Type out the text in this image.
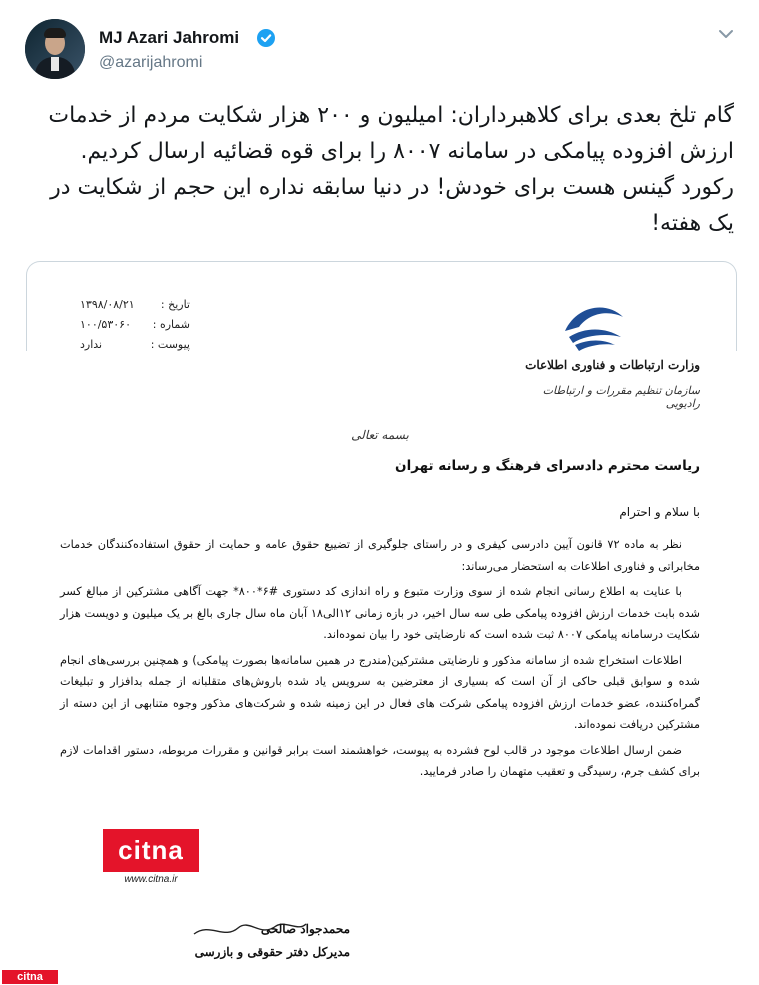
MJ Azari Jahromi
@azarijahromi
گام تلخ بعدی برای کلاهبرداران: امیلیون و ۲۰۰ هزار شکایت مردم از خدمات ارزش افزوده پیامکی در سامانه ۸۰۰۷ را برای قوه قضائیه ارسال کردیم. رکورد گینس هست برای خودش! در دنیا سابقه نداره این حجم از شکایت در یک هفته!
تاریخ :
۱۳۹۸/۰۸/۲۱
شماره :
۱۰۰/۵۳۰۶۰
پیوست :
ندارد
وزارت ارتباطات و فناوری اطلاعات
سازمان تنظیم مقررات و ارتباطات رادیویی
بسمه تعالی
ریاست محترم دادسرای فرهنگ و رسانه تهران
با سلام و احترام

نظر به ماده ۷۲ قانون آیین دادرسی کیفری و در راستای جلوگیری از تضییع حقوق عامه و حمایت از حقوق استفاده‌کنندگان خدمات مخابراتی و فناوری اطلاعات به استحضار می‌رساند:

با عنایت به اطلاع رسانی انجام شده از سوی وزارت متبوع و راه اندازی کد دستوری #۶*۸۰۰* جهت آگاهی مشترکین از مبالغ کسر شده بابت خدمات ارزش افزوده پیامکی طی سه سال اخیر، در بازه زمانی ۱۲الی۱۸ آبان ماه سال جاری بالغ بر یک میلیون و دویست هزار شکایت درسامانه پیامکی ۸۰۰۷ ثبت شده است که نارضایتی خود را بیان نموده‌اند.

اطلاعات استخراج شده از سامانه مذکور و نارضایتی مشترکین(مندرج در همین سامانه‌ها بصورت پیامکی) و همچنین بررسی‌های انجام شده و سوابق قبلی حاکی از آن است که بسیاری از معترضین به سرویس یاد شده باروش‌های متقلبانه از جمله بدافزار و تبلیغات گمراه‌کننده، عضو خدمات ارزش افزوده پیامکی شرکت های فعال در این زمینه شده و شرکت‌های مذکور وجوه متنابهی از این دسته از مشترکین دریافت نموده‌اند.

ضمن ارسال اطلاعات موجود در قالب لوح فشرده به پیوست، خواهشمند است برابر قوانین و مقررات مربوطه، دستور اقدامات لازم برای کشف جرم، رسیدگی و تعقیب متهمان را صادر فرمایید.

citna
www.citna.ir
محمدجواد صالحی
مدیرکل دفتر حقوقی و بازرسی
citna
